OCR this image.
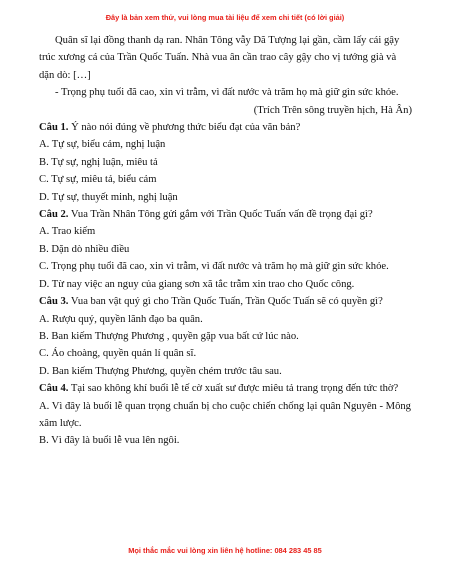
Đây là bản xem thử, vui lòng mua tài liệu để xem chi tiết (có lời giải)

Quân sĩ lại đồng thanh dạ ran. Nhân Tông vẫy Dã Tượng lại gần, cầm lấy cái gậy trúc xương cá của Trần Quốc Tuấn. Nhà vua ân cần trao cây gậy cho vị tướng già và dặn dò: […]

- Trọng phụ tuổi đã cao, xin vì trẫm, vì đất nước và trăm họ mà giữ gìn sức khỏe.

(Trích Trên sông truyền hịch, Hà Ân)

Câu 1. Ý nào nói đúng về phương thức biểu đạt của văn bản?

A. Tự sự, biểu cảm, nghị luận

B. Tự sự, nghị luận, miêu tả

C. Tự sự, miêu tả, biểu cảm

D. Tự sự, thuyết minh, nghị luận

Câu 2. Vua Trần Nhân Tông gửi gắm với Trần Quốc Tuấn vấn đề trọng đại gì?

A. Trao kiếm

B. Dặn dò nhiều điều

C. Trọng phụ tuổi đã cao, xin vì trẫm, vì đất nước và trăm họ mà giữ gìn sức khỏe.

D. Từ nay việc an nguy của giang sơn xã tắc trẫm xin trao cho Quốc công.

Câu 3. Vua ban vật quý gì cho Trần Quốc Tuấn, Trần Quốc Tuấn sẽ có quyền gì?

A. Rượu quý, quyền lãnh đạo ba quân.

B. Ban kiếm Thượng Phương , quyền gặp vua bất cứ lúc nào.

C. Áo choàng, quyền quản lí quân sĩ.

D. Ban kiếm Thượng Phương, quyền chém trước tâu sau.

Câu 4. Tại sao không khí buổi lễ tế cờ xuất sư được miêu tả trang trọng đến tức thờ?

A. Vì đây là buổi lễ quan trọng chuẩn bị cho cuộc chiến chống lại quân Nguyên - Mông xâm lược.

B. Vì đây là buổi lễ vua lên ngôi.

Mọi thắc mắc vui lòng xin liên hệ hotline: 084 283 45 85
